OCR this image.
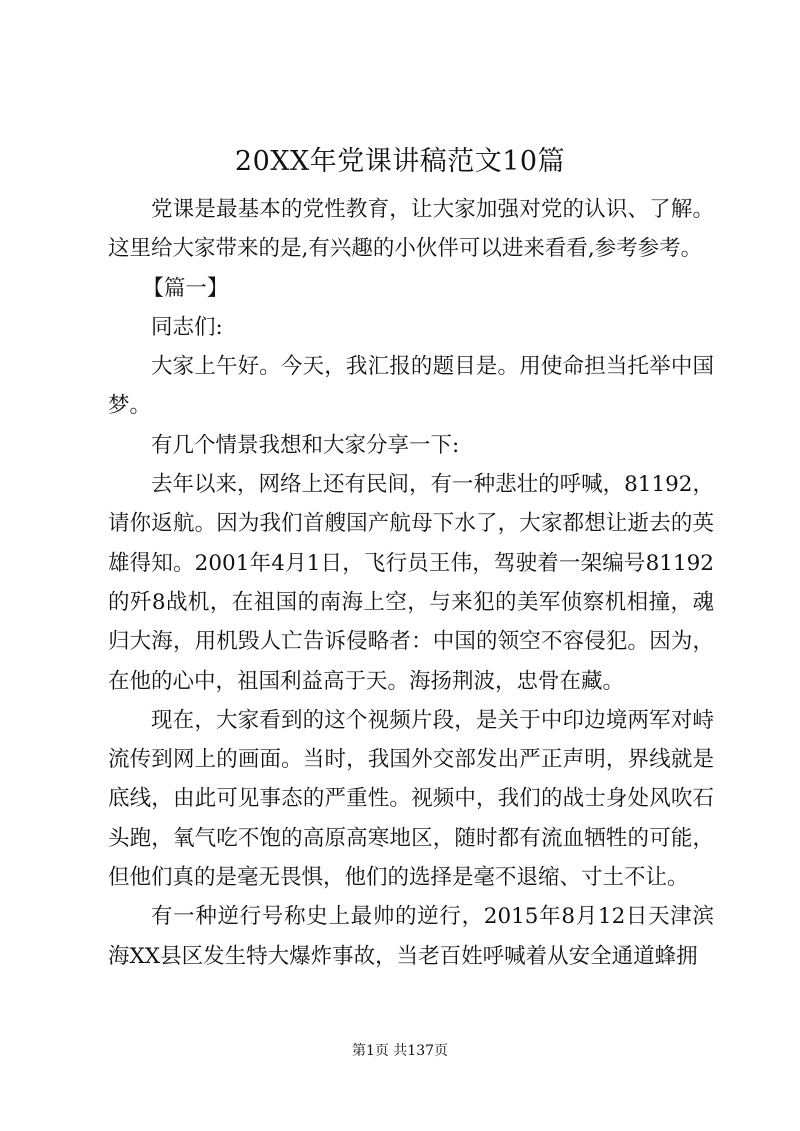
20XX年党课讲稿范文10篇

党课是最基本的党性教育，让大家加强对党的认识、了解。这里给大家带来的是,有兴趣的小伙伴可以进来看看,参考参考。

【篇一】

同志们:

大家上午好。今天，我汇报的题目是。用使命担当托举中国梦。

有几个情景我想和大家分享一下:

去年以来，网络上还有民间，有一种悲壮的呼喊，81192，请你返航。因为我们首艘国产航母下水了，大家都想让逝去的英雄得知。2001年4月1日，飞行员王伟，驾驶着一架编号81192的歼8战机，在祖国的南海上空，与来犯的美军侦察机相撞，魂归大海，用机毁人亡告诉侵略者：中国的领空不容侵犯。因为，在他的心中，祖国利益高于天。海扬荆波，忠骨在藏。

现在，大家看到的这个视频片段，是关于中印边境两军对峙流传到网上的画面。当时，我国外交部发出严正声明，界线就是底线，由此可见事态的严重性。视频中，我们的战士身处风吹石头跑，氧气吃不饱的高原高寒地区，随时都有流血牺牲的可能，但他们真的是毫无畏惧，他们的选择是毫不退缩、寸土不让。

有一种逆行号称史上最帅的逆行，2015年8月12日天津滨海XX县区发生特大爆炸事故，当老百姓呼喊着从安全通道蜂拥

第1页 共137页
